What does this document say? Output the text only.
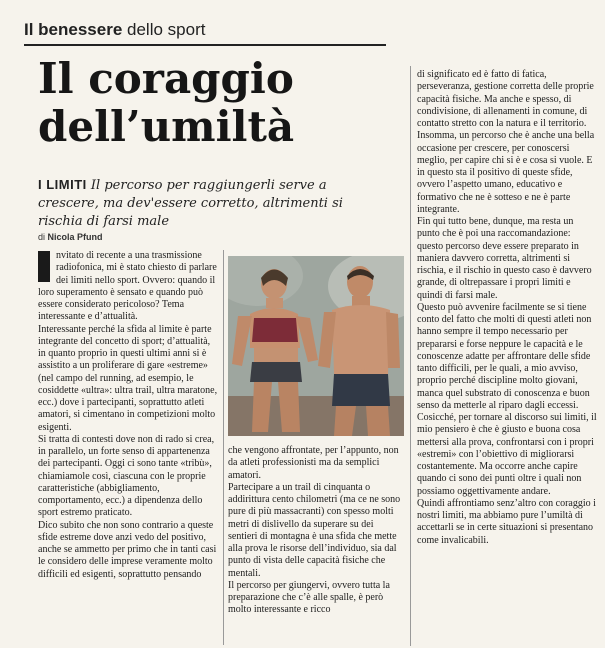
Il benessere dello sport
Il coraggio
dell’umiltà
I LIMITI Il percorso per raggiungerli serve a crescere, ma dev'essere corretto, altrimenti si rischia di farsi male
di Nicola Pfund

nvitato di recente a una trasmissione radiofonica, mi è stato chiesto di parlare dei limiti nello sport. Ovvero: quando il loro superamento è sensato e quando può essere considerato pericoloso? Tema interessante e d’attualità.

Interessante perché la sfida al limite è parte integrante del concetto di sport; d’attualità, in quanto proprio in questi ultimi anni si è assistito a un proliferare di gare «estreme» (nel campo del running, ad esempio, le cosiddette «ultra»: ultra trail, ultra maratone, ecc.) dove i partecipanti, soprattutto atleti amatori, si cimentano in competizioni molto esigenti.

Si tratta di contesti dove non di rado si crea, in parallelo, un forte senso di appartenenza dei partecipanti. Oggi ci sono tante «tribù», chiamiamole così, ciascuna con le proprie caratteristiche (abbigliamento, comportamento, ecc.) a dipendenza dello sport estremo praticato.

Dico subito che non sono contrario a queste sfide estreme dove anzi vedo del positivo, anche se ammetto per primo che in tanti casi le considero delle imprese veramente molto difficili ed esigenti, soprattutto pensando

che vengono affrontate, per l’appunto, non da atleti professionisti ma da semplici amatori.

Partecipare a un trail di cinquanta o addirittura cento chilometri (ma ce ne sono pure di più massacranti) con spesso molti metri di dislivello da superare su dei sentieri di montagna è una sfida che mette alla prova le risorse dell’individuo, sia dal punto di vista delle capacità fisiche che mentali.

Il percorso per giungervi, ovvero tutta la preparazione che c’è alle spalle, è però molto interessante e ricco

di significato ed è fatto di fatica, perseveranza, gestione corretta delle proprie capacità fisiche. Ma anche e spesso, di condivisione, di allenamenti in comune, di contatto stretto con la natura e il territorio.

Insomma, un percorso che è anche una bella occasione per crescere, per conoscersi meglio, per capire chi si è e cosa si vuole. E in questo sta il positivo di queste sfide, ovvero l’aspetto umano, educativo e formativo che ne è sotteso e ne è parte integrante.

Fin qui tutto bene, dunque, ma resta un punto che è poi una raccomandazione: questo percorso deve essere preparato in maniera davvero corretta, altrimenti si rischia, e il rischio in questo caso è davvero grande, di oltrepassare i propri limiti e quindi di farsi male.

Questo può avvenire facilmente se si tiene conto del fatto che molti di questi atleti non hanno sempre il tempo necessario per prepararsi e forse neppure le capacità e le conoscenze adatte per affrontare delle sfide tanto difficili, per le quali, a mio avviso, proprio perché discipline molto giovani, manca quel substrato di conoscenza e buon senso da metterle al riparo dagli eccessi.

Cosicché, per tornare al discorso sui limiti, il mio pensiero è che è giusto e buona cosa mettersi alla prova, confrontarsi con i propri «estremi» con l’obiettivo di migliorarsi costantemente. Ma occorre anche capire quando ci sono dei punti oltre i quali non possiamo oggettivamente andare.

Quindi affrontiamo senz’altro con coraggio i nostri limiti, ma abbiamo pure l’umiltà di accettarli se in certe situazioni si presentano come invalicabili.
